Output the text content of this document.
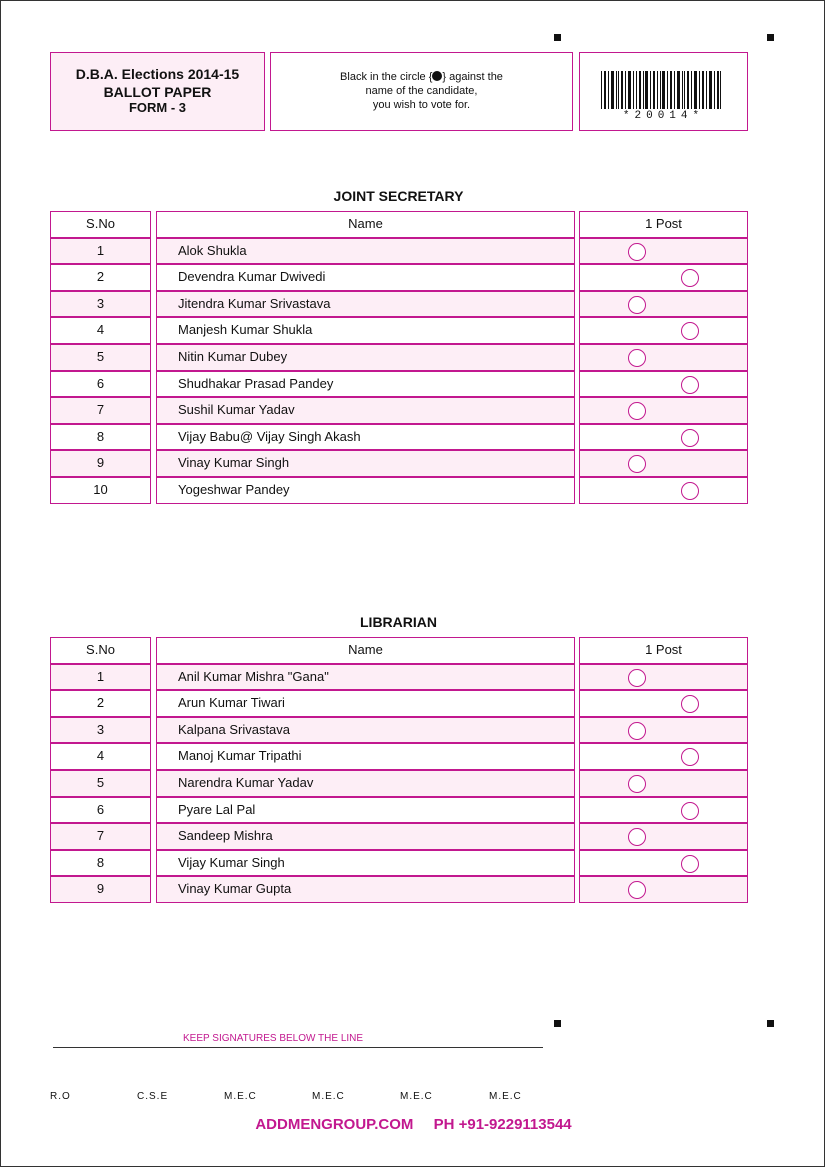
D.B.A. Elections 2014-15
BALLOT PAPER
FORM - 3
Black in the circle { } against the
name of the candidate,
you wish to vote for.
*20014*
JOINT SECRETARY
S.No	Name	1 Post
1	Alok Shukla
2	Devendra Kumar Dwivedi
3	Jitendra Kumar Srivastava
4	Manjesh Kumar Shukla
5	Nitin Kumar Dubey
6	Shudhakar Prasad Pandey
7	Sushil Kumar Yadav
8	Vijay Babu@ Vijay Singh Akash
9	Vinay Kumar Singh
10	Yogeshwar Pandey
LIBRARIAN
S.No	Name	1 Post
1	Anil Kumar Mishra "Gana"
2	Arun Kumar Tiwari
3	Kalpana Srivastava
4	Manoj Kumar Tripathi
5	Narendra Kumar Yadav
6	Pyare Lal Pal
7	Sandeep Mishra
8	Vijay Kumar Singh
9	Vinay Kumar Gupta
KEEP SIGNATURES BELOW THE LINE
R.O	C.S.E	M.E.C	M.E.C	M.E.C	M.E.C
ADDMENGROUP.COM PH +91-9229113544
